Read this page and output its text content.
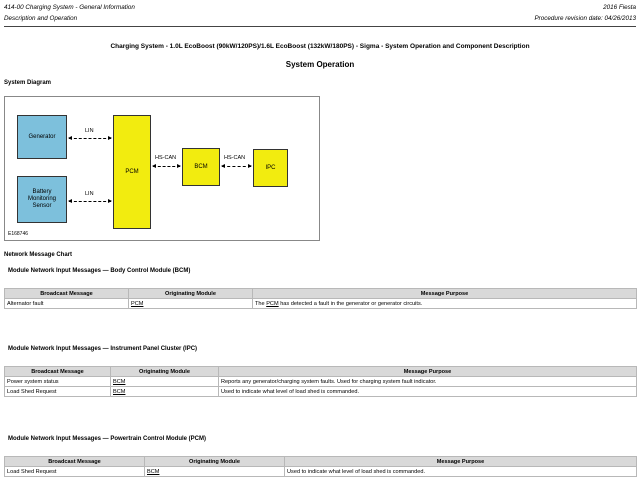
414-00 Charging System - General Information
Description and Operation
2016 Fiesta
Procedure revision date: 04/26/2013
Charging System - 1.0L EcoBoost (90kW/120PS)/1.6L EcoBoost (132kW/180PS) - Sigma - System Operation and Component Description
System Operation
System Diagram
Generator
Battery
Monitoring
Sensor
PCM
BCM	IPC
LIN
LIN
HS-CAN	HS-CAN
E168746
Network Message Chart
Module Network Input Messages — Body Control Module (BCM)
Broadcast Message	Originating Module	Message Purpose
Alternator fault	PCM	The PCM has detected a fault in the generator or generator circuits.
Module Network Input Messages — Instrument Panel Cluster (IPC)
Broadcast Message	Originating Module	Message Purpose
Power system status	BCM	Reports any generator/charging system faults. Used for charging system fault indicator.
Load Shed Request	BCM	Used to indicate what level of load shed is commanded.
Module Network Input Messages — Powertrain Control Module (PCM)
Broadcast Message	Originating Module	Message Purpose
Load Shed Request	BCM	Used to indicate what level of load shed is commanded.
